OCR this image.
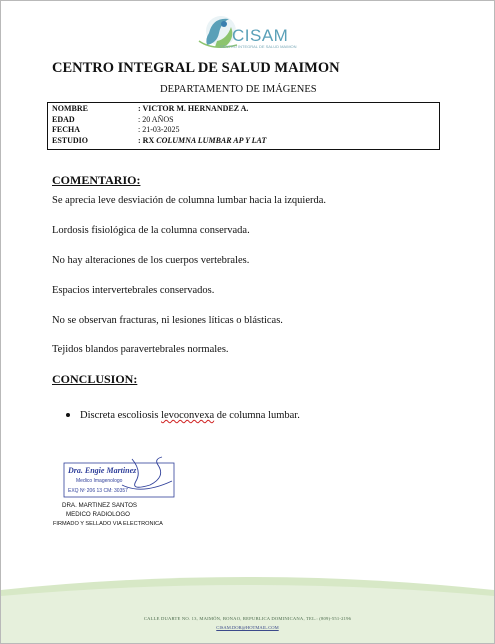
CISAM
CENTRO INTEGRAL DE SALUD MAIMON
CENTRO INTEGRAL DE SALUD MAIMON
DEPARTAMENTO DE IMÁGENES
NOMBRE	: VICTOR M. HERNANDEZ A.
EDAD	: 20 AÑOS
FECHA	: 21-03-2025
ESTUDIO	: RX COLUMNA LUMBAR AP Y LAT
COMENTARIO:
Se aprecia leve desviación de columna lumbar hacia la izquierda.
Lordosis fisiológica de la columna conservada.
No hay alteraciones de los cuerpos vertebrales.
Espacios intervertebrales conservados.
No se observan fracturas, ni lesiones líticas o blásticas.
Tejidos blandos paravertebrales normales.
CONCLUSION:
Discreta escoliosis levoconvexa de columna lumbar.
Dra. Engie Martinez
Medico Imagenologo
EXQ Nº 206 13 CM: 30357
DRA. MARTINEZ SANTOS
MEDICO RADIOLOGO
FIRMADO Y SELLADO VIA ELECTRONICA
CALLE DUARTE NO. 13, MAIMÓN, BONAO, REPUBLICA DOMINICANA, TEL.: (809)-551-2196
CISAM.DOR@HOTMAIL.COM
